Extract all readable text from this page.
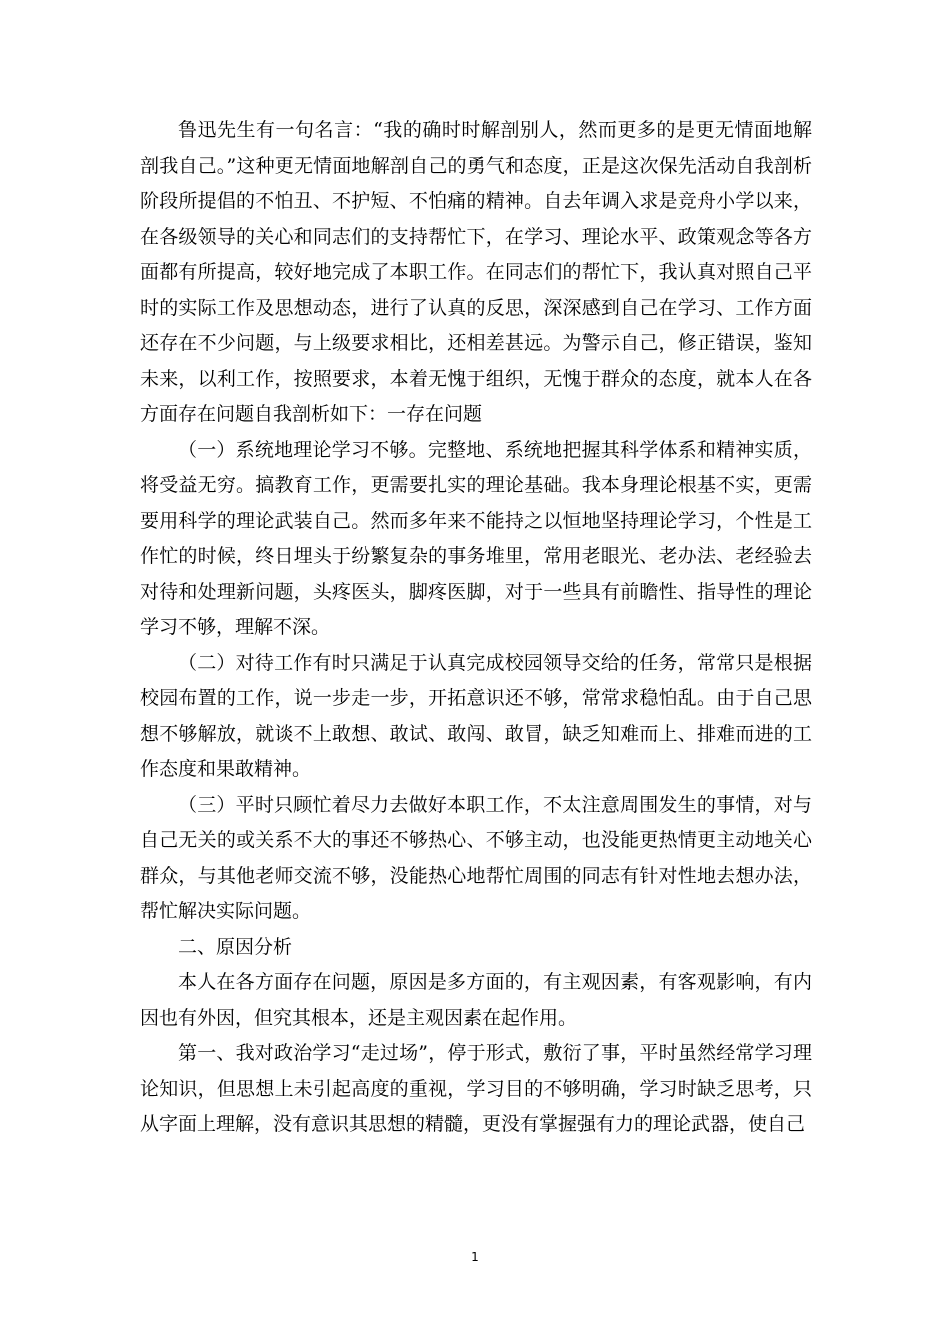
鲁迅先生有一句名言：“我的确时时解剖别人，然而更多的是更无情面地解剖我自己。”这种更无情面地解剖自己的勇气和态度，正是这次保先活动自我剖析阶段所提倡的不怕丑、不护短、不怕痛的精神。自去年调入求是竞舟小学以来，在各级领导的关心和同志们的支持帮忙下，在学习、理论水平、政策观念等各方面都有所提高，较好地完成了本职工作。在同志们的帮忙下，我认真对照自己平时的实际工作及思想动态，进行了认真的反思，深深感到自己在学习、工作方面还存在不少问题，与上级要求相比，还相差甚远。为警示自己，修正错误，鉴知未来，以利工作，按照要求，本着无愧于组织，无愧于群众的态度，就本人在各方面存在问题自我剖析如下：一存在问题

（一）系统地理论学习不够。完整地、系统地把握其科学体系和精神实质，将受益无穷。搞教育工作，更需要扎实的理论基础。我本身理论根基不实，更需要用科学的理论武装自己。然而多年来不能持之以恒地坚持理论学习，个性是工作忙的时候，终日埋头于纷繁复杂的事务堆里，常用老眼光、老办法、老经验去对待和处理新问题，头疼医头，脚疼医脚，对于一些具有前瞻性、指导性的理论学习不够，理解不深。

（二）对待工作有时只满足于认真完成校园领导交给的任务，常常只是根据校园布置的工作，说一步走一步，开拓意识还不够，常常求稳怕乱。由于自己思想不够解放，就谈不上敢想、敢试、敢闯、敢冒，缺乏知难而上、排难而进的工作态度和果敢精神。

（三）平时只顾忙着尽力去做好本职工作，不太注意周围发生的事情，对与自己无关的或关系不大的事还不够热心、不够主动，也没能更热情更主动地关心群众，与其他老师交流不够，没能热心地帮忙周围的同志有针对性地去想办法，帮忙解决实际问题。

二、原因分析

本人在各方面存在问题，原因是多方面的，有主观因素，有客观影响，有内因也有外因，但究其根本，还是主观因素在起作用。

第一、我对政治学习“走过场”，停于形式，敷衍了事，平时虽然经常学习理论知识，但思想上未引起高度的重视，学习目的不够明确，学习时缺乏思考，只从字面上理解，没有意识其思想的精髓，更没有掌握强有力的理论武器，使自己

1
